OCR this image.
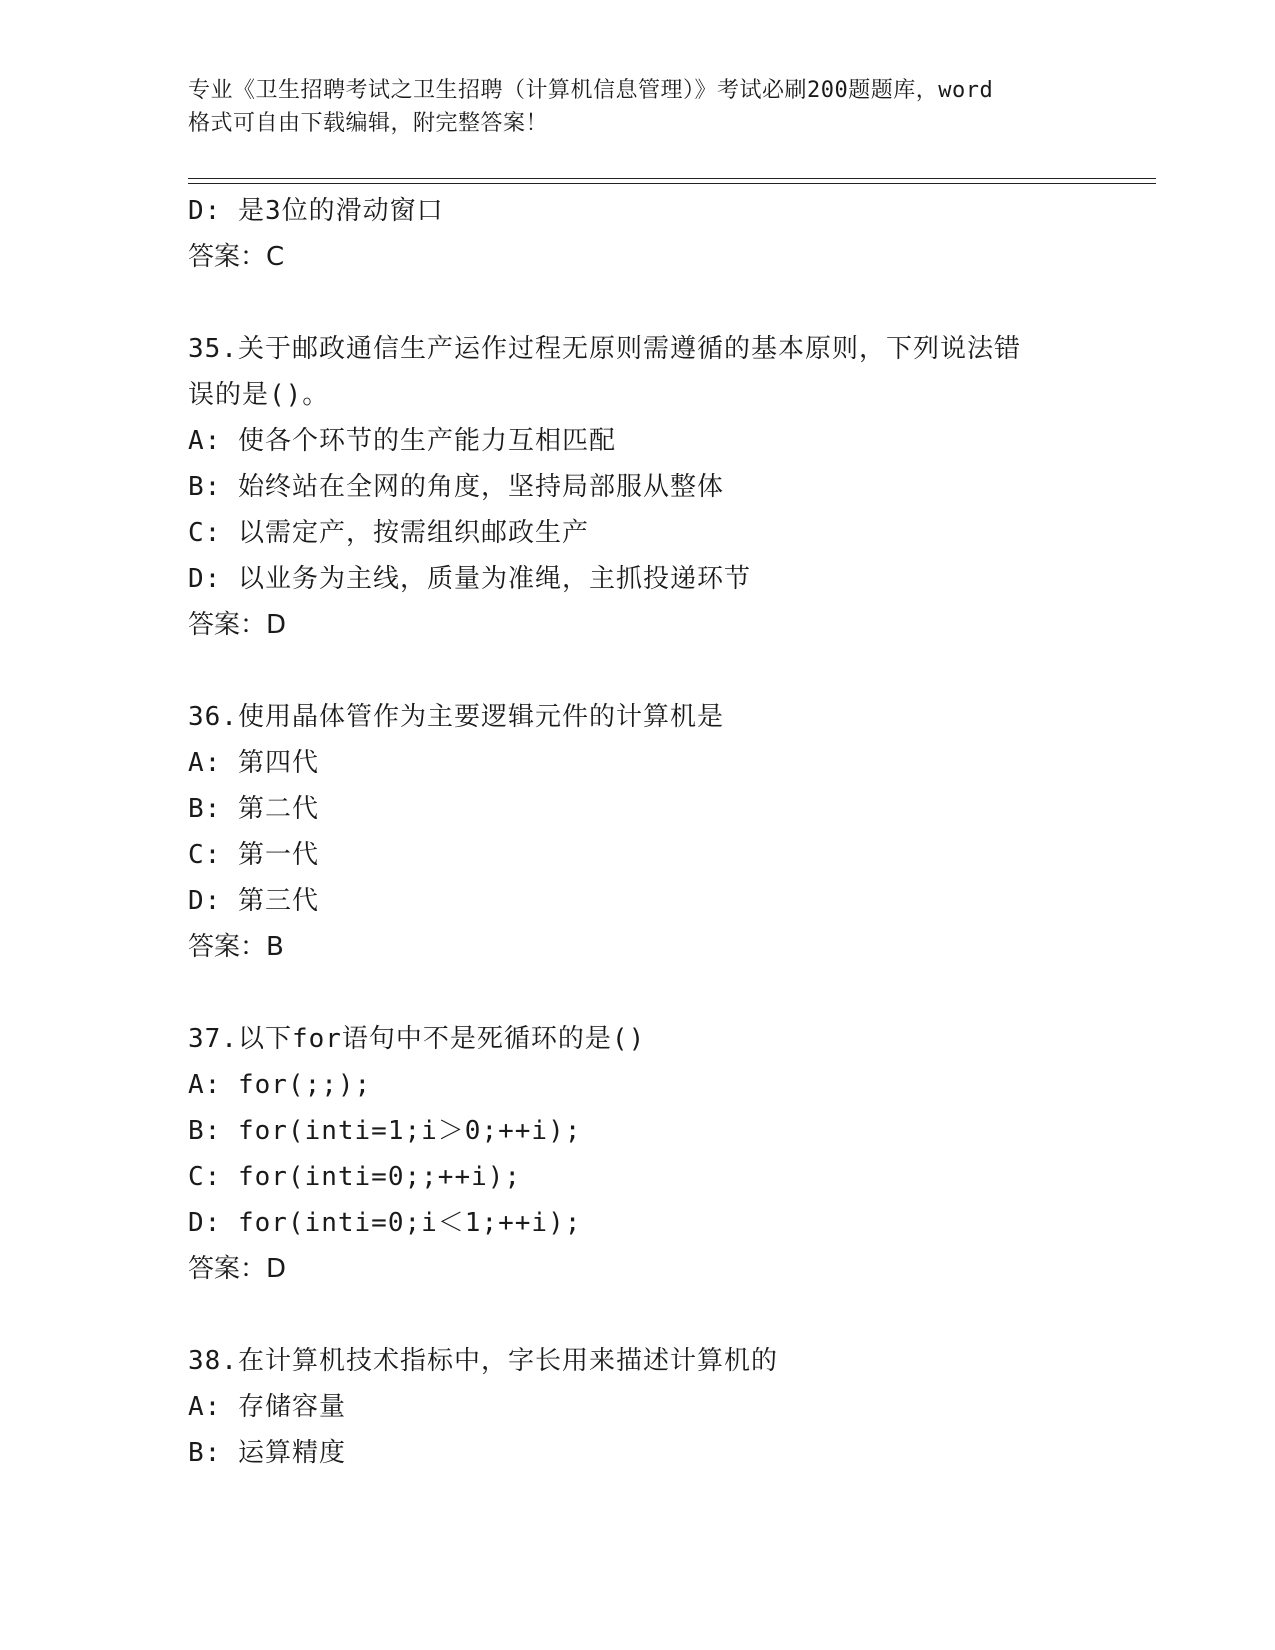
专业《卫生招聘考试之卫生招聘（计算机信息管理）》考试必刷200题题库，word
格式可自由下载编辑，附完整答案！
D: 是3位的滑动窗口
答案：C
35.关于邮政通信生产运作过程无原则需遵循的基本原则，下列说法错
误的是()。
A: 使各个环节的生产能力互相匹配
B: 始终站在全网的角度，坚持局部服从整体
C: 以需定产，按需组织邮政生产
D: 以业务为主线，质量为准绳，主抓投递环节
答案：D
36.使用晶体管作为主要逻辑元件的计算机是
A: 第四代
B: 第二代
C: 第一代
D: 第三代
答案：B
37.以下for语句中不是死循环的是()
A: for(;;);
B: for(inti=1;i＞0;++i);
C: for(inti=0;;++i);
D: for(inti=0;i＜1;++i);
答案：D
38.在计算机技术指标中，字长用来描述计算机的
A: 存储容量
B: 运算精度
